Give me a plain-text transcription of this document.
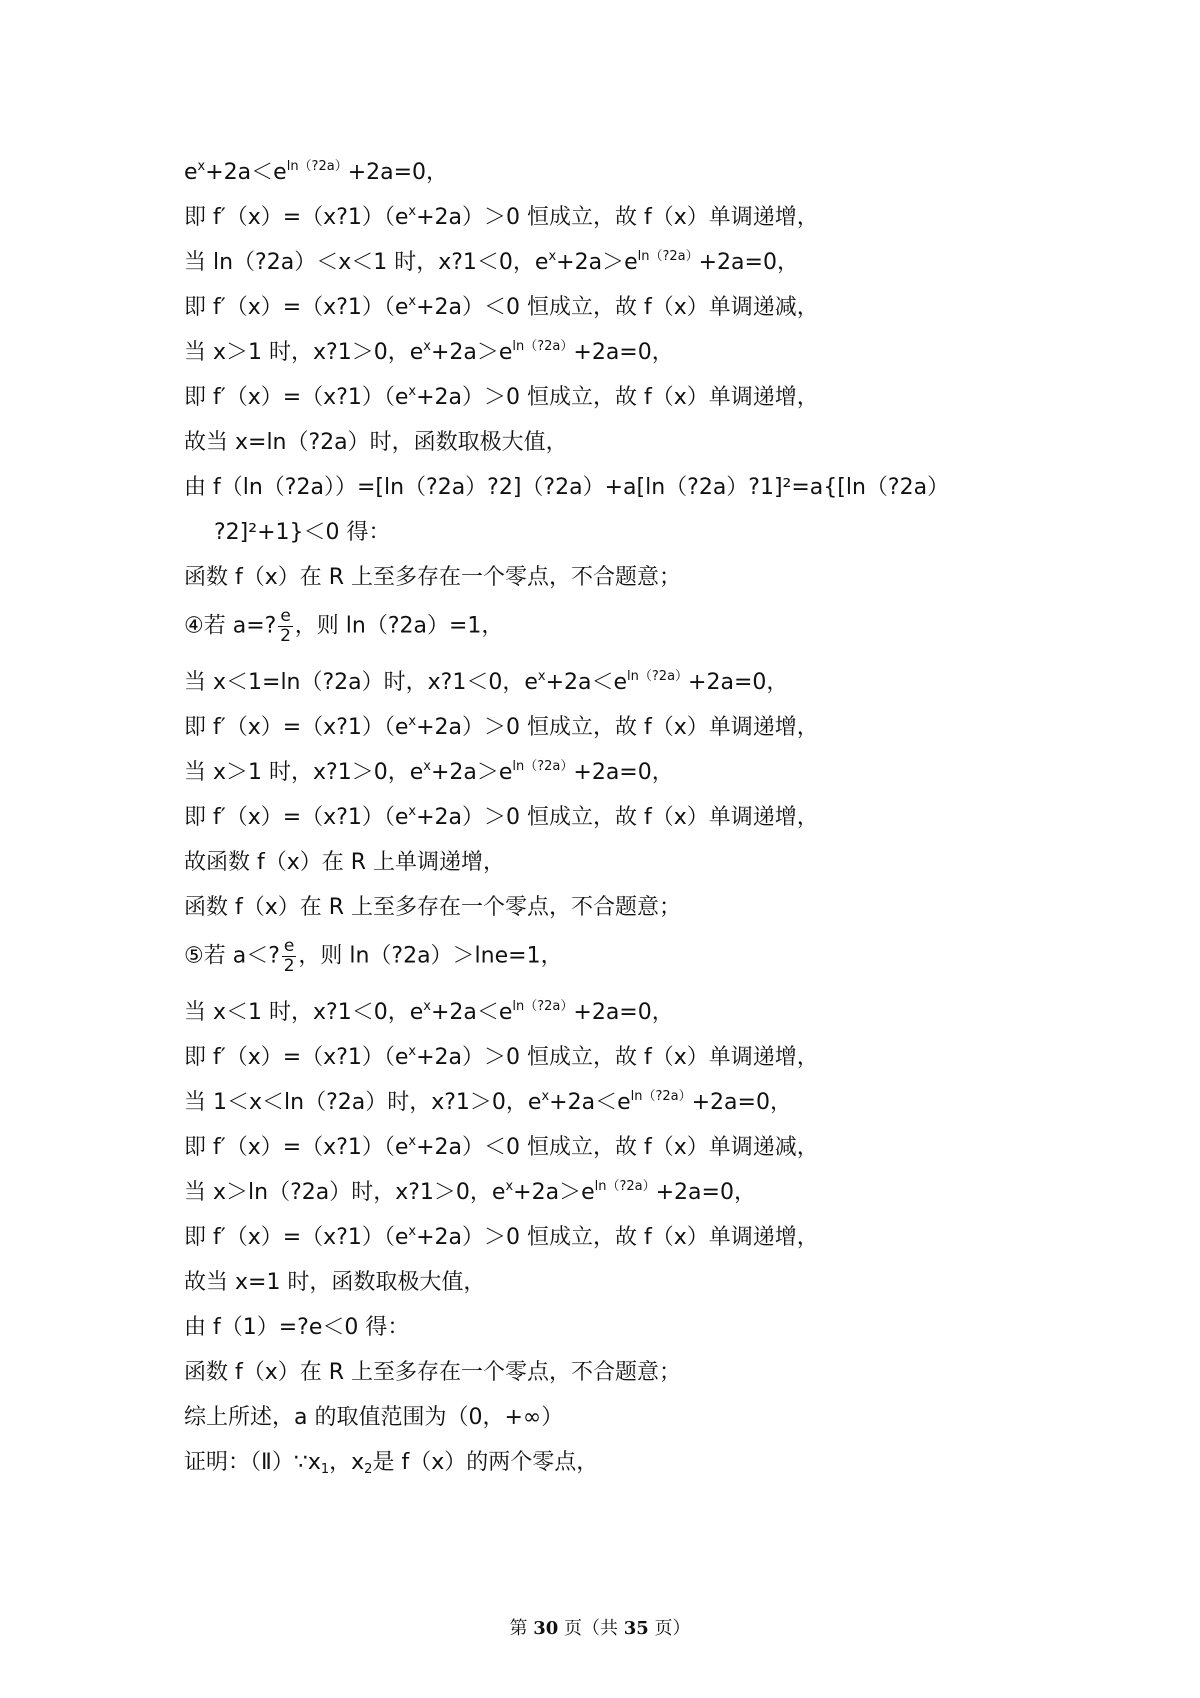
$e^x+2a<e^{ln(?2a)}+2a=0$，
即 $f'(x)=(x?1)(e^x+2a)>0$ 恒成立，故 f（x）单调递增，
当 ln（?2a）＜x＜1 时，x?1＜0，$e^x+2a>e^{ln(?2a)}+2a=0$，
即 $f'(x)=(x?1)(e^x+2a)<0$ 恒成立，故 f（x）单调递减，
当 x＞1 时，x?1＞0，$e^x+2a>e^{ln(?2a)}+2a=0$，
即 $f'(x)=(x?1)(e^x+2a)>0$ 恒成立，故 f（x）单调递增，
故当 x=ln（?2a）时，函数取极大值，
由 f（ln（?2a））=[ln（?2a）?2]（?2a）+a[ln（?2a）?1]²=a{[ln（?2a）
?2]²+1}＜0 得：
函数 f（x）在 R 上至多存在一个零点，不合题意；
④若 a=? $\frac{e}{2}$ ，则 ln（?2a）=1，
当 x＜1=ln（?2a）时，x?1＜0，$e^x+2a<e^{ln(?2a)}+2a=0$，
即 $f'(x)=(x?1)(e^x+2a)>0$ 恒成立，故 f（x）单调递增，
当 x＞1 时，x?1＞0，$e^x+2a>e^{ln(?2a)}+2a=0$，
即 $f'(x)=(x?1)(e^x+2a)>0$ 恒成立，故 f（x）单调递增，
故函数 f（x）在 R 上单调递增，
函数 f（x）在 R 上至多存在一个零点，不合题意；
⑤若 a＜? $\frac{e}{2}$ ，则 ln（?2a）＞lne=1，
当 x＜1 时，x?1＜0，$e^x+2a<e^{ln(?2a)}+2a=0$，
即 $f'(x)=(x?1)(e^x+2a)>0$ 恒成立，故 f（x）单调递增，
当 1＜x＜ln（?2a）时，x?1＞0，$e^x+2a<e^{ln(?2a)}+2a=0$，
即 $f'(x)=(x?1)(e^x+2a)<0$ 恒成立，故 f（x）单调递减，
当 x＞ln（?2a）时，x?1＞0，$e^x+2a>e^{ln(?2a)}+2a=0$，
即 $f'(x)=(x?1)(e^x+2a)>0$ 恒成立，故 f（x）单调递增，
故当 x=1 时，函数取极大值，
由 f（1）=?e＜0 得：
函数 f（x）在 R 上至多存在一个零点，不合题意；
综上所述，a 的取值范围为（0，+∞）
证明：$(Ⅱ)\because x_1$，$x_2$是 f（x）的两个零点，
第 30 页（共 35 页）
